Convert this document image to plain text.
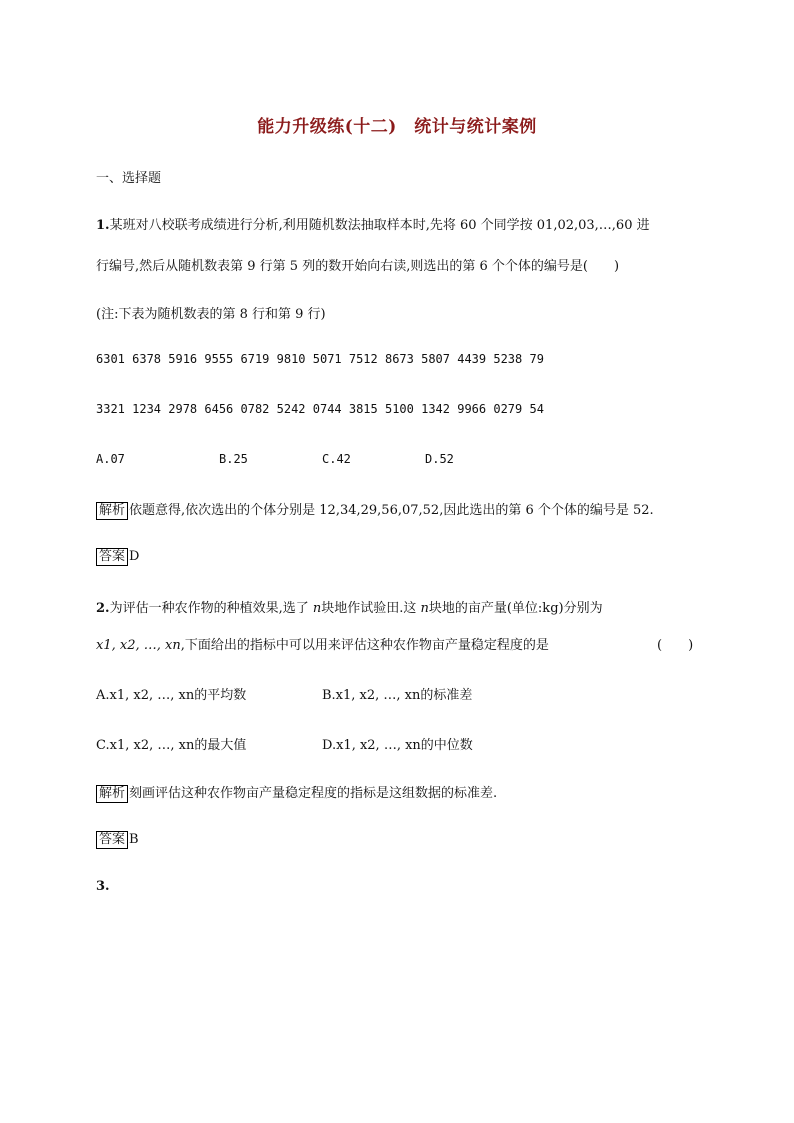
能力升级练(十二)　统计与统计案例
一、选择题
1.某班对八校联考成绩进行分析,利用随机数法抽取样本时,先将 60 个同学按 01,02,03,…,60 进
行编号,然后从随机数表第 9 行第 5 列的数开始向右读,则选出的第 6 个个体的编号是(　　)
(注:下表为随机数表的第 8 行和第 9 行)
6301 6378 5916 9555 6719 9810 5071 7512 8673 5807 4439 5238 79
3321 1234 2978 6456 0782 5242 0744 3815 5100 1342 9966 0279 54
A.07	B.25	C.42	D.52
解析 依题意得,依次选出的个体分别是 12,34,29,56,07,52,因此选出的第 6 个个体的编号是 52.
答案 D
2.为评估一种农作物的种植效果,选了 n块地作试验田.这 n块地的亩产量(单位:kg)分别为
x1, x2, …, xn,下面给出的指标中可以用来评估这种农作物亩产量稳定程度的是	(　　)
A.x1, x2, …, xn的平均数	B.x1, x2, …, xn的标准差
C.x1, x2, …, xn的最大值	D.x1, x2, …, xn的中位数
解析 刻画评估这种农作物亩产量稳定程度的指标是这组数据的标准差.
答案 B
3.
